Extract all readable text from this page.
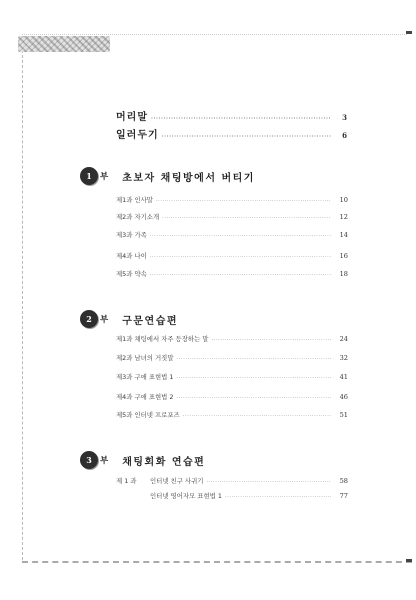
머리말 ·····	3
일러두기 ·····	6
1 부 초보자 채팅방에서 버티기
제1과 인사말 ·····	10
제2과 자기소개 ·····	12
제3과 가족 ·····	14
제4과 나이 ·····	16
제5과 약속 ·····	18
2 부 구문연습편
제1과 채팅에서 자주 등장하는 말 ·····	24
제2과 남녀의 거짓말 ·····	32
제3과 구애 표현법 1 ·····	41
제4과 구애 표현법 2 ·····	46
제5과 인터넷 프로포즈 ·····	51
3 부 채팅회화 연습편
제 1 과 인터넷 친구 사귀기 ·····	58
인터넷 영어자모 표현법 1 ·····	77
